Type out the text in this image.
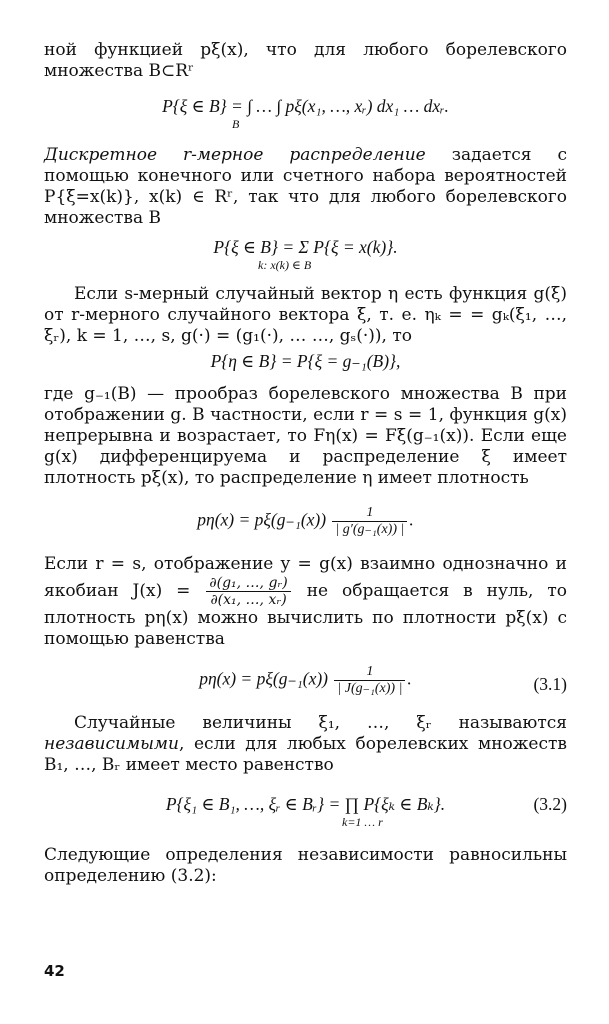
ной функцией pξ(x), что для любого борелевского множества B⊂Rʳ

P{ξ ∈ B} = ∫ … ∫ pξ(x₁, …, xᵣ) dx₁ … dxᵣ.

B

Дискретное r-мерное распределение задается с помощью конечного или счетного набора вероятностей P{ξ=x(k)}, x(k) ∈ Rʳ, так что для любого борелевского множества B

P{ξ ∈ B} = Σ P{ξ = x(k)}.

k: x(k) ∈ B

Если s-мерный случайный вектор η есть функция g(ξ) от r-мерного случайного вектора ξ, т. е. ηₖ = = gₖ(ξ₁, …, ξᵣ), k = 1, …, s, g(·) = (g₁(·), … …, gₛ(·)), то

P{η ∈ B} = P{ξ = g₋₁(B)},

где g₋₁(B) — прообраз борелевского множества B при отображении g. В частности, если r = s = 1, функция g(x) непрерывна и возрастает, то Fη(x) = Fξ(g₋₁(x)). Если еще g(x) дифференцируема и распределение ξ имеет плотность pξ(x), то распределение η имеет плотность

$p\eta(x) = p\xi(g_{-1}(x)) \frac{1}{\text{| g′(g₋₁(x)) |}}$ .

Если r = s, отображение y = g(x) взаимно однозначно и якобиан $J(x) = \frac{\text{∂(g₁, …, gᵣ)}}{\text{∂(x₁, …, xᵣ)}}$ не обращается в нуль, то плотность pη(x) можно вычислить по плотности pξ(x) с помощью равенства

$p\eta(x) = p\xi(g_{-1}(x)) \frac{1}{\text{| J(g₋₁(x)) |}}$ .	(3.1)

Случайные величины ξ₁, …, ξᵣ называются независимыми, если для любых борелевских множеств B₁, …, Bᵣ имеет место равенство

P{ξ₁ ∈ B₁, …, ξᵣ ∈ Bᵣ} = ∏ P{ξₖ ∈ Bₖ}.	(3.2)

k=1 … r

Следующие определения независимости равносильны определению (3.2):

42
